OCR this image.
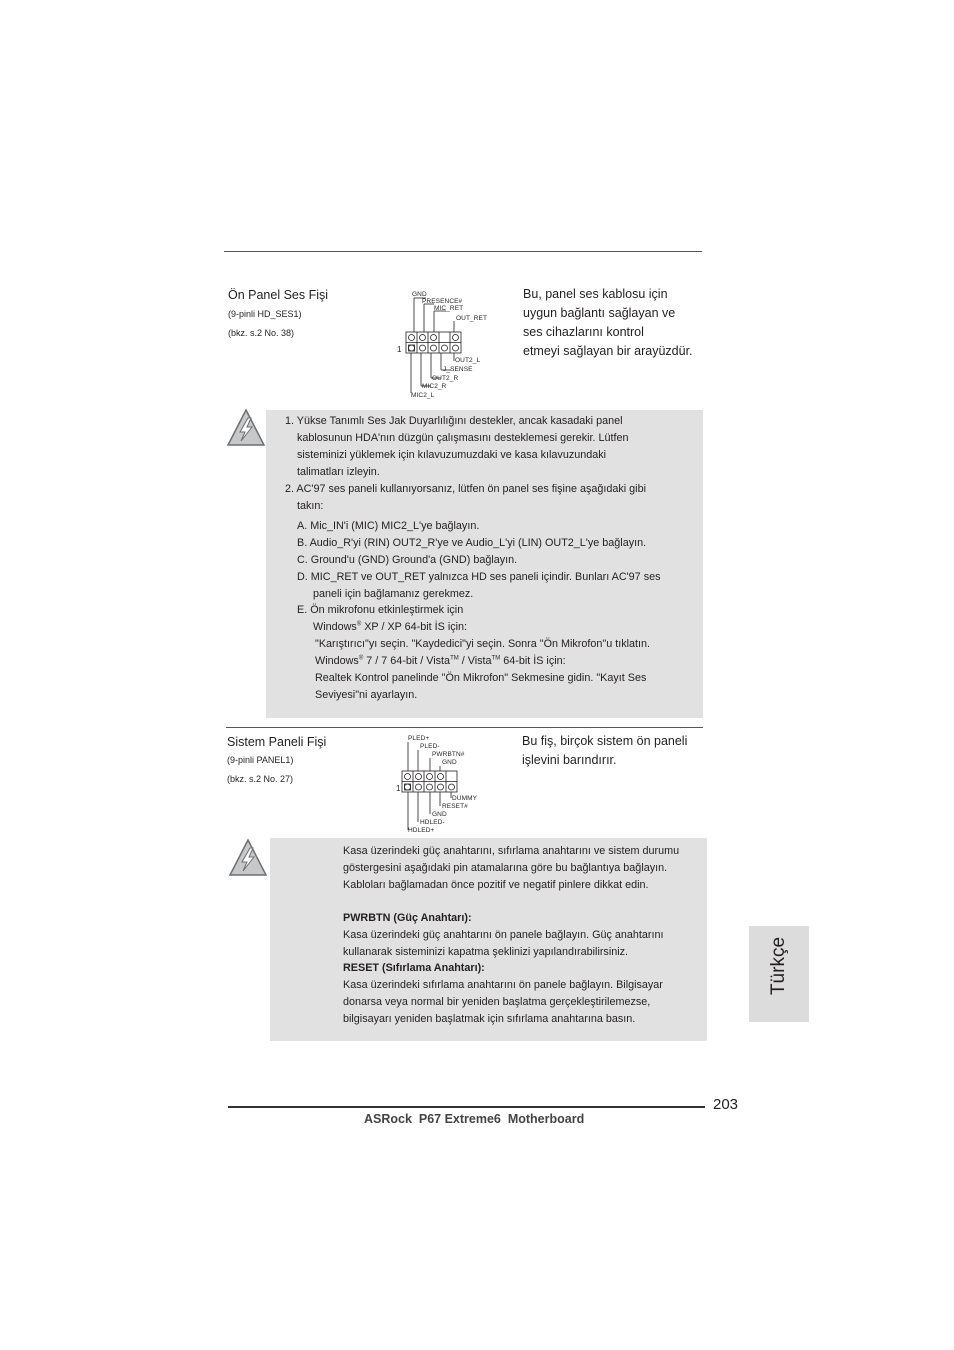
Ön Panel Ses Fişi
(9-pinli HD_SES1)
(bkz. s.2 No. 38)
GND
PRESENCE#
MIC_RET
OUT_RET
1
OUT2_L
J_SENSE
OUT2_R
MIC2_R
MIC2_L
Bu, panel ses kablosu için
uygun bağlantı sağlayan ve
ses cihazlarını kontrol
etmeyi sağlayan bir arayüzdür.
1. Yükse Tanımlı Ses Jak Duyarlılığını destekler, ancak kasadaki panel
kablosunun HDA'nın düzgün çalışmasını desteklemesi gerekir. Lütfen
sisteminizi yüklemek için kılavuzumuzdaki ve kasa kılavuzundaki
talimatları izleyin.
2. AC'97 ses paneli kullanıyorsanız, lütfen ön panel ses fişine aşağıdaki gibi
takın:
A. Mic_IN'i (MIC) MIC2_L'ye bağlayın.
B. Audio_R'yi (RIN) OUT2_R'ye ve Audio_L'yi (LIN) OUT2_L'ye bağlayın.
C. Ground'u (GND) Ground'a (GND) bağlayın.
D. MIC_RET ve OUT_RET yalnızca HD ses paneli içindir. Bunları AC'97 ses
paneli için bağlamanız gerekmez.
E. Ön mikrofonu etkinleştirmek için
Windows® XP / XP 64-bit İS için:
"Karıştırıcı"yı seçin. "Kaydedici"yi seçin. Sonra "Ön Mikrofon"u tıklatın.
Windows® 7 / 7 64-bit / Vista™ / Vista™ 64-bit İS için:
Realtek Kontrol panelinde "Ön Mikrofon" Sekmesine gidin. "Kayıt Ses
Seviyesi"ni ayarlayın.
Sistem Paneli Fişi
(9-pinli PANEL1)
(bkz. s.2 No. 27)
PLED+
PLED-
PWRBTN#
GND
1
DUMMY
RESET#
GND
HDLED-
HDLED+
Bu fiş, birçok sistem ön paneli
işlevini barındırır.
Kasa üzerindeki güç anahtarını, sıfırlama anahtarını ve sistem durumu
göstergesini aşağıdaki pin atamalarına göre bu bağlantıya bağlayın.
Kabloları bağlamadan önce pozitif ve negatif pinlere dikkat edin.
PWRBTN (Güç Anahtarı):
Kasa üzerindeki güç anahtarını ön panele bağlayın. Güç anahtarını
kullanarak sisteminizi kapatma şeklinizi yapılandırabilirsiniz.
RESET (Sıfırlama Anahtarı):
Kasa üzerindeki sıfırlama anahtarını ön panele bağlayın. Bilgisayar
donarsa veya normal bir yeniden başlatma gerçekleştirilemezse,
bilgisayarı yeniden başlatmak için sıfırlama anahtarına basın.
Türkçe
203
ASRock  P67 Extreme6  Motherboard
